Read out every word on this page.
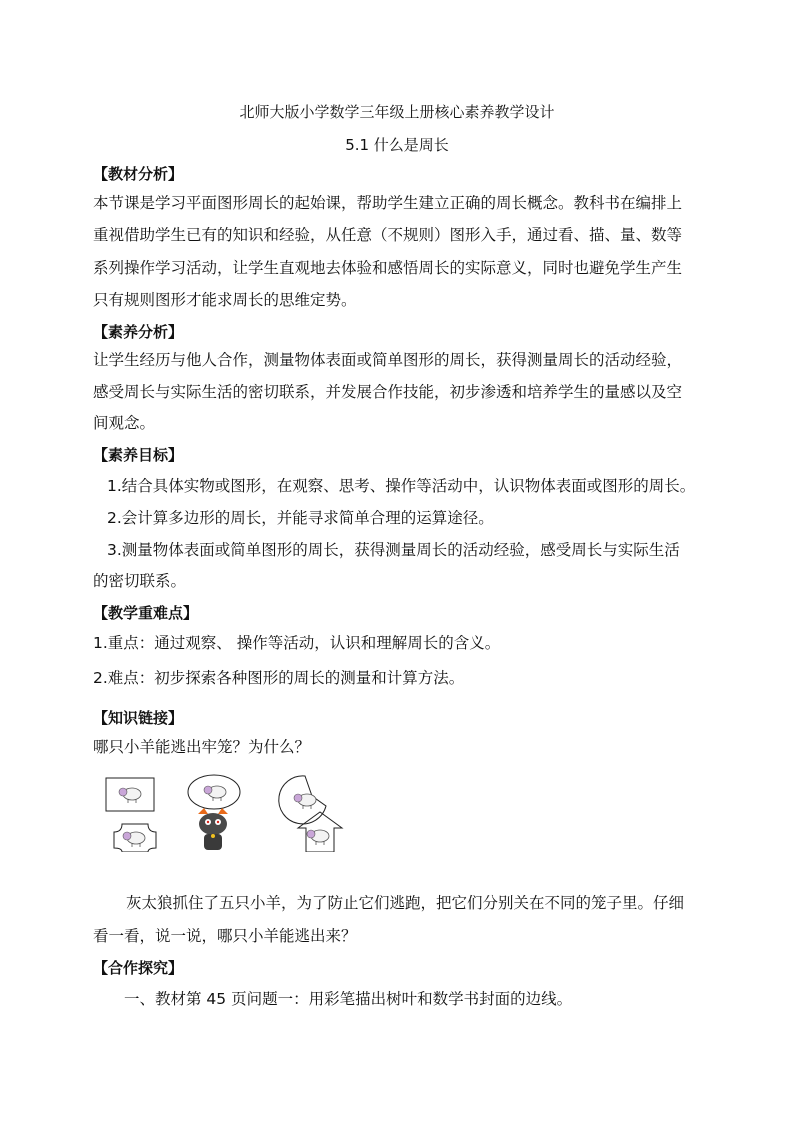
北师大版小学数学三年级上册核心素养教学设计
5.1 什么是周长
【教材分析】
本节课是学习平面图形周长的起始课，帮助学生建立正确的周长概念。教科书在编排上
重视借助学生已有的知识和经验，从任意（不规则）图形入手，通过看、描、量、数等
系列操作学习活动，让学生直观地去体验和感悟周长的实际意义，同时也避免学生产生
只有规则图形才能求周长的思维定势。
【素养分析】
让学生经历与他人合作，测量物体表面或简单图形的周长，获得测量周长的活动经验，
感受周长与实际生活的密切联系，并发展合作技能，初步渗透和培养学生的量感以及空
间观念。
【素养目标】
1.结合具体实物或图形，在观察、思考、操作等活动中，认识物体表面或图形的周长。
2.会计算多边形的周长，并能寻求简单合理的运算途径。
3.测量物体表面或简单图形的周长，获得测量周长的活动经验，感受周长与实际生活
的密切联系。
【教学重难点】
1.重点：通过观察、 操作等活动，认识和理解周长的含义。
2.难点：初步探索各种图形的周长的测量和计算方法。
【知识链接】
哪只小羊能逃出牢笼？为什么？
灰太狼抓住了五只小羊，为了防止它们逃跑，把它们分别关在不同的笼子里。仔细
看一看，说一说，哪只小羊能逃出来？
【合作探究】
一、教材第 45 页问题一：用彩笔描出树叶和数学书封面的边线。
